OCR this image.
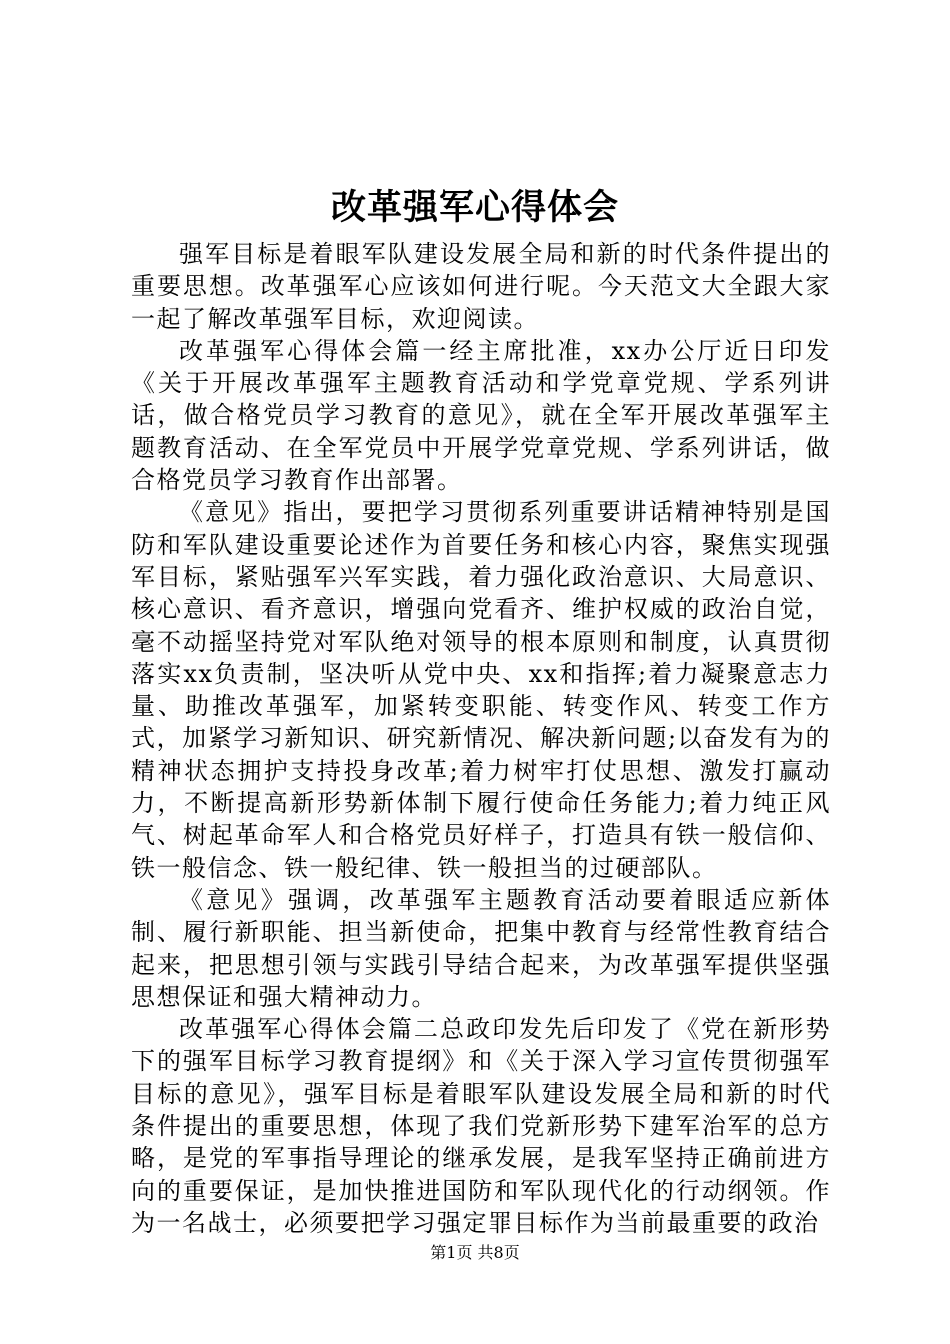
改革强军心得体会

强军目标是着眼军队建设发展全局和新的时代条件提出的重要思想。改革强军心应该如何进行呢。今天范文大全跟大家一起了解改革强军目标，欢迎阅读。

改革强军心得体会篇一经主席批准，xx办公厅近日印发《关于开展改革强军主题教育活动和学党章党规、学系列讲话，做合格党员学习教育的意见》，就在全军开展改革强军主题教育活动、在全军党员中开展学党章党规、学系列讲话，做合格党员学习教育作出部署。

《意见》指出，要把学习贯彻系列重要讲话精神特别是国防和军队建设重要论述作为首要任务和核心内容，聚焦实现强军目标，紧贴强军兴军实践，着力强化政治意识、大局意识、核心意识、看齐意识，增强向党看齐、维护权威的政治自觉，毫不动摇坚持党对军队绝对领导的根本原则和制度，认真贯彻落实xx负责制，坚决听从党中央、xx和指挥;着力凝聚意志力量、助推改革强军，加紧转变职能、转变作风、转变工作方式，加紧学习新知识、研究新情况、解决新问题;以奋发有为的精神状态拥护支持投身改革;着力树牢打仗思想、激发打赢动力，不断提高新形势新体制下履行使命任务能力;着力纯正风气、树起革命军人和合格党员好样子，打造具有铁一般信仰、铁一般信念、铁一般纪律、铁一般担当的过硬部队。

《意见》强调，改革强军主题教育活动要着眼适应新体制、履行新职能、担当新使命，把集中教育与经常性教育结合起来，把思想引领与实践引导结合起来，为改革强军提供坚强思想保证和强大精神动力。

改革强军心得体会篇二总政印发先后印发了《党在新形势下的强军目标学习教育提纲》和《关于深入学习宣传贯彻强军目标的意见》，强军目标是着眼军队建设发展全局和新的时代条件提出的重要思想，体现了我们党新形势下建军治军的总方略，是党的军事指导理论的继承发展，是我军坚持正确前进方向的重要保证，是加快推进国防和军队现代化的行动纲领。作为一名战士，必须要把学习强定罪目标作为当前最重要的政治

第1页 共8页
